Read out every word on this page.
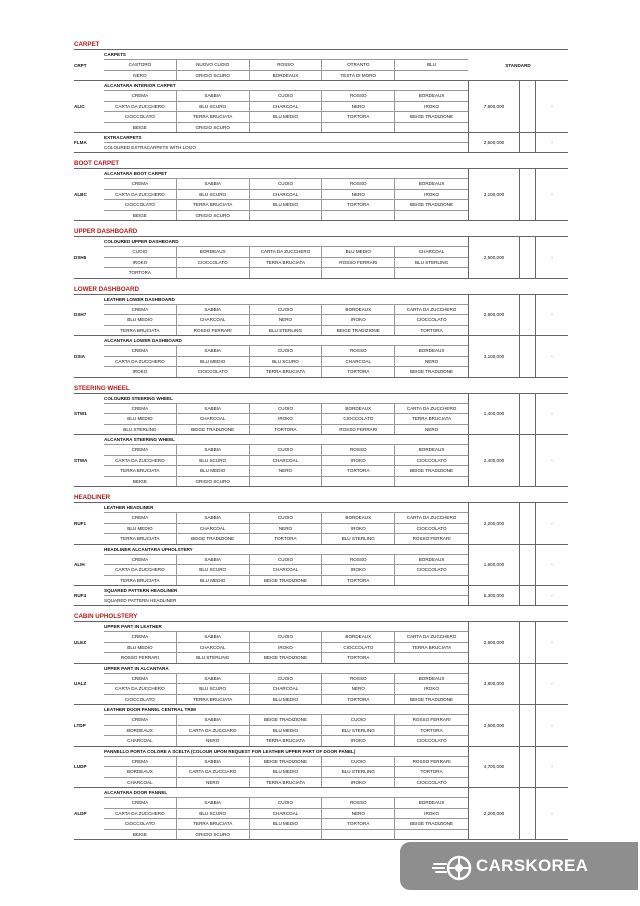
CARPET
CRPT
CARPETS
CASTORO	NUOVO CUOIO	ROSSO	OTRANTO	BLU
NERO	GRIGIO SCURO	BORDEAUX	TESTA DI MORO
STANDARD
ALIC
ALCANTARA INTERIOR CARPET
CREMA	SABBIA	CUOIO	ROSSO	BORDEAUX
CARTA DA ZUCCHERO	BLU SCURO	CHARCOAL	NERO	IROKO
CIOCCOLATO	TERRA BRUCIATA	BLU MEDIO	TORTORA	BEIGE TRADIZIONE
BEIGE	GRIGIO SCURO
7,800,000	-
FLMA
EXTRACARPETS
COLOURED EXTRACARPETS WITH LOGO
2,500,000	-
BOOT CARPET
ALBC
ALCANTARA BOOT CARPET
CREMA	SABBIA	CUOIO	ROSSO	BORDEAUX
CARTA DA ZUCCHERO	BLU SCURO	CHARCOAL	NERO	IROKO
CIOCCOLATO	TERRA BRUCIATA	BLU MEDIO	TORTORA	BEIGE TRADIZIONE
BEIGE	GRIGIO SCURO
3,100,000	-
UPPER DASHBOARD
DSH5
COLOURED UPPER DASHBOARD
CUOIO	BORDEAUX	CARTA DA ZUCCHERO	BLU MEDIO	CHARCOAL
IROKO	CIOCCOLATO	TERRA BRUCIATA	ROSSO FERRARI	BLU STERLING
TORTORA
2,500,000	-
LOWER DASHBOARD
DSH7
LEATHER LOWER DASHBOARD
CREMA	SABBIA	CUOIO	BORDEAUX	CARTA DA ZUCCHERO
BLU MEDIO	CHARCOAL	NERO	IROKO	CIOCCOLATO
TERRA BRUCIATA	ROSSO FERRARI	BLU STERLING	BEIGE TRADIZIONE	TORTORA
2,800,000	-
DSIA
ALCANTARA LOWER DASHBOARD
CREMA	SABBIA	CUOIO	ROSSO	BORDEAUX
CARTA DA ZUCCHERO	BLU MEDIO	BLU SCURO	CHARCOAL	NERO
IROKO	CIOCCOLATO	TERRA BRUCIATA	TORTORA	BEIGE TRADIZIONE
3,100,000	-
STEERING WHEEL
STW1
COLOURED STEERING WHEEL
CREMA	SABBIA	CUOIO	BORDEAUX	CARTA DA ZUCCHERO
BLU MEDIO	CHARCOAL	IROKO	CIOCCOLATO	TERRA BRUCIATA
BLU STERLING	BEIGE TRADIZIONE	TORTORA	ROSSO FERRARI	NERO
1,400,000	-
STWA
ALCANTARA STEERING WHEEL
CREMA	SABBIA	CUOIO	ROSSO	BORDEAUX
CARTA DA ZUCCHERO	BLU SCURO	CHARCOAL	IROKO	CIOCCOLATO
TERRA BRUCIATA	BLU MEDIO	NERO	TORTORA	BEIGE TRADIZIONE
BEIGE	GRIGIO SCURO
2,400,000	-
HEADLINER
RUF1
LEATHER HEADLINER
CREMA	SABBIA	CUOIO	BORDEAUX	CARTA DA ZUCCHERO
BLU MEDIO	CHARCOAL	NERO	IROKO	CIOCCOLATO
TERRA BRUCIATA	BEIGE TRADIZIONE	TORTORA	BLU STERLING	ROSSO FERRARI
2,200,000	-
ALIH
HEADLINER ALCANTARA UPHOLSTERY
CREMA	SABBIA	CUOIO	ROSSO	BORDEAUX
CARTA DA ZUCCHERO	BLU SCURO	CHARCOAL	IROKO	CIOCCOLATO
TERRA BRUCIATA	BLU MEDIO	BEIGE TRADIZIONE	TORTORA
1,600,000	-
RUF4
SQUARED PATTERN HEADLINER
SQUARED PATTERN HEADLINER
5,300,000	-
CABIN UPHOLSTERY
ULEZ
UPPER PART IN LEATHER
CREMA	SABBIA	CUOIO	BORDEAUX	CARTA DA ZUCCHERO
BLU MEDIO	CHARCOAL	IROKO	CIOCCOLATO	TERRA BRUCIATA
ROSSO FERRARI	BLU STERLING	BEIGE TRADIZIONE	TORTORA
2,800,000	-
UALZ
UPPER PART IN ALCANTARA
CREMA	SABBIA	CUOIO	ROSSO	BORDEAUX
CARTA DA ZUCCHERO	BLU SCURO	CHARCOAL	NERO	IROKO
CIOCCOLATO	TERRA BRUCIATA	BLU MEDIO	TORTORA	BEIGE TRADIZIONE
3,800,000	-
LTDP
LEATHER DOOR PANNEL CENTRAL TRIM
CREMA	SABBIA	BEIGE TRADIZIONE	CUOIO	ROSSO FERRARI
BORDEAUX	CARTA DA ZUCCIARO	BLU MEDIO	BLU STERLING	TORTORA
CHARCOAL	NERO	TERRA BRUCIATA	IROKO	CIOCCOLATO
2,500,000	-
LUDP
PANNELLO PORTA COLORE A SCELTA (COLOUR UPON REQUEST FOR LEATHER UPPER PART OF DOOR PANEL)
CREMA	SABBIA	BEIGE TRADIZIONE	CUOIO	ROSSO FERRARI
BORDEAUX	CARTA DA ZUCCIARO	BLU MEDIO	BLU STERLING	TORTORA
CHARCOAL	NERO	TERRA BRUCIATA	IROKO	CIOCCOLATO
4,700,000	-
ALDP
ALCANTARA DOOR PANNEL
CREMA	SABBIA	CUOIO	ROSSO	BORDEAUX
CARTA DA ZUCCHERO	BLU SCURO	CHARCOAL	NERO	IROKO
CIOCCOLATO	TERRA BRUCIATA	BLU MEDIO	TORTORA	BEIGE TRADIZIONE
BEIGE	GRIGIO SCURO
2,200,000	-
CARSKOREA
